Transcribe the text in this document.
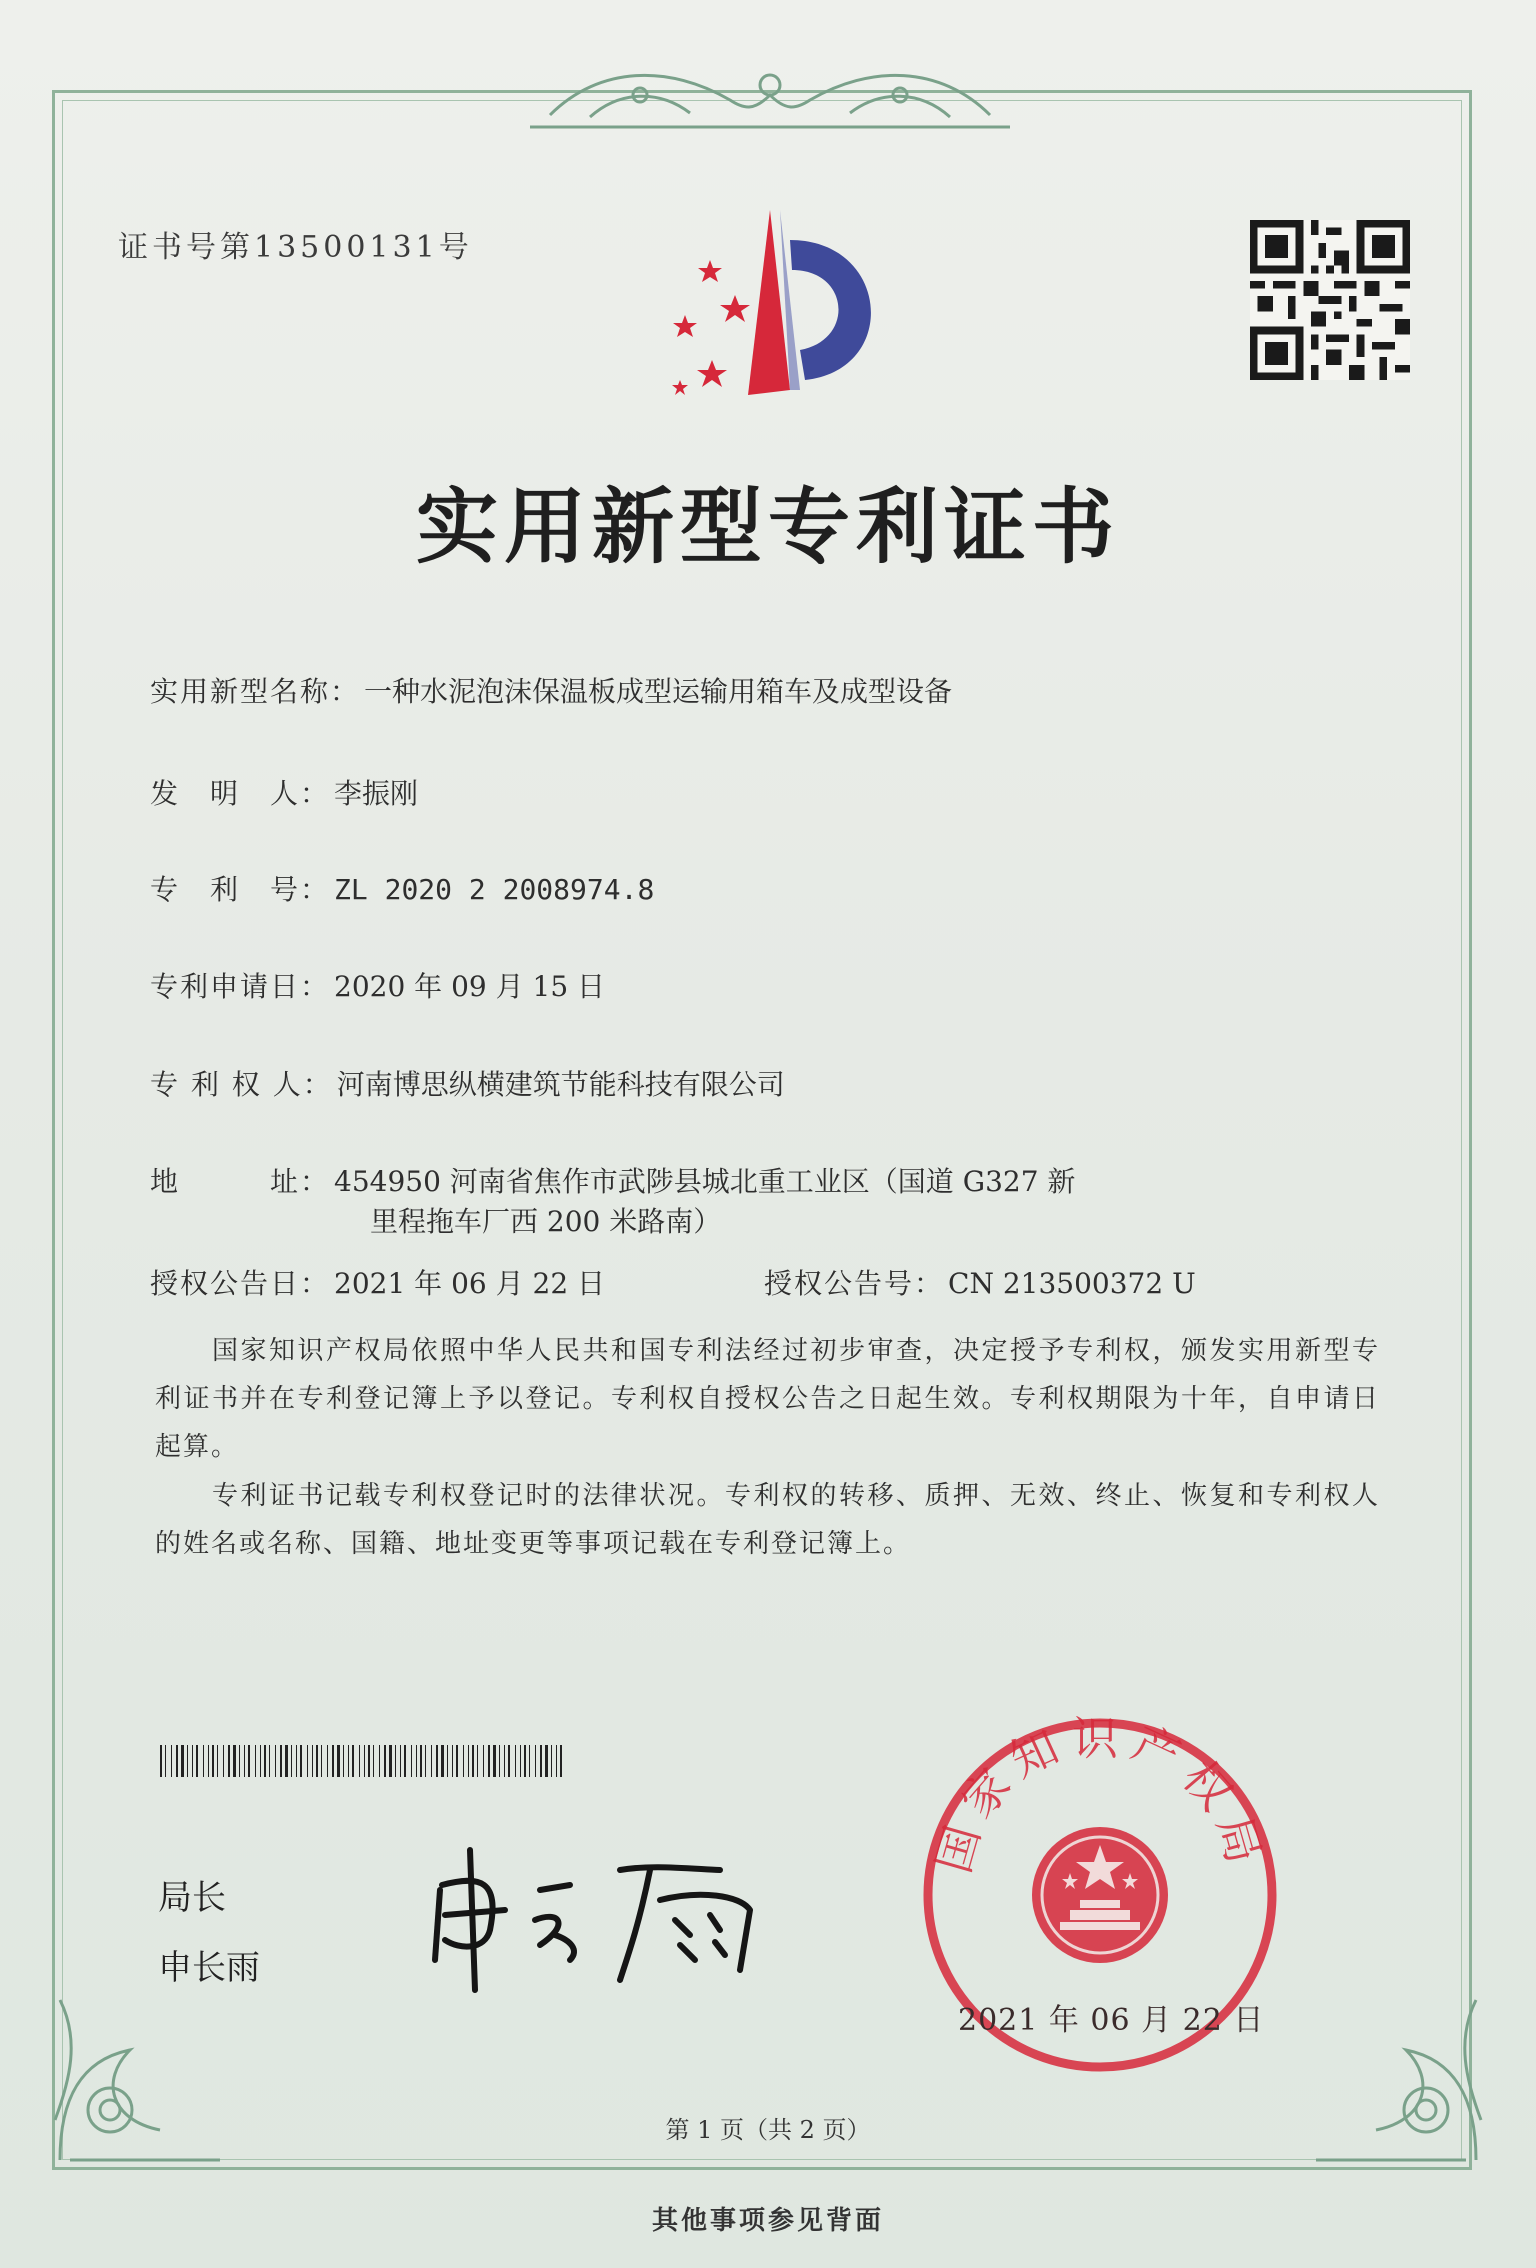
证书号第13500131号
实用新型专利证书
实用新型名称： 一种水泥泡沫保温板成型运输用箱车及成型设备
发　明　人： 李振刚
专　利　号： ZL 2020 2 2008974.8
专利申请日： 2020 年 09 月 15 日
专 利 权 人： 河南博思纵横建筑节能科技有限公司
地　　　址： 454950 河南省焦作市武陟县城北重工业区（国道 G327 新
里程拖车厂西 200 米路南）
授权公告日： 2021 年 06 月 22 日	授权公告号： CN 213500372 U
　　国家知识产权局依照中华人民共和国专利法经过初步审查，决定授予专利权，颁发实用新型专利证书并在专利登记簿上予以登记。专利权自授权公告之日起生效。专利权期限为十年，自申请日起算。
　　专利证书记载专利权登记时的法律状况。专利权的转移、质押、无效、终止、恢复和专利权人的姓名或名称、国籍、地址变更等事项记载在专利登记簿上。
局长
申长雨
国家知识产权局
2021 年 06 月 22 日
第 1 页（共 2 页）
其他事项参见背面
